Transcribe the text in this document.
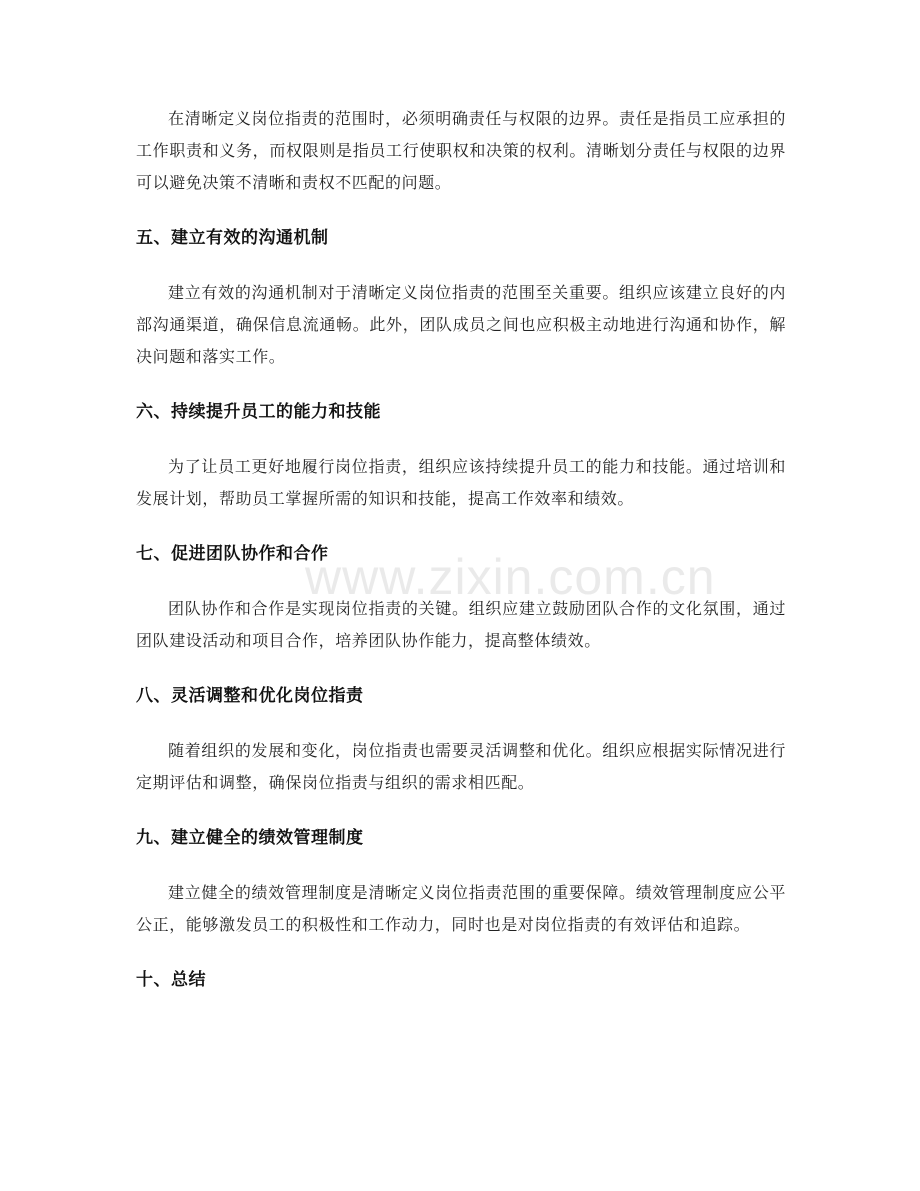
www.zixin.com.cn

在清晰定义岗位指责的范围时，必须明确责任与权限的边界。责任是指员工应承担的工作职责和义务，而权限则是指员工行使职权和决策的权利。清晰划分责任与权限的边界可以避免决策不清晰和责权不匹配的问题。

五、建立有效的沟通机制

建立有效的沟通机制对于清晰定义岗位指责的范围至关重要。组织应该建立良好的内部沟通渠道，确保信息流通畅。此外，团队成员之间也应积极主动地进行沟通和协作，解决问题和落实工作。

六、持续提升员工的能力和技能

为了让员工更好地履行岗位指责，组织应该持续提升员工的能力和技能。通过培训和发展计划，帮助员工掌握所需的知识和技能，提高工作效率和绩效。

七、促进团队协作和合作

团队协作和合作是实现岗位指责的关键。组织应建立鼓励团队合作的文化氛围，通过团队建设活动和项目合作，培养团队协作能力，提高整体绩效。

八、灵活调整和优化岗位指责

随着组织的发展和变化，岗位指责也需要灵活调整和优化。组织应根据实际情况进行定期评估和调整，确保岗位指责与组织的需求相匹配。

九、建立健全的绩效管理制度

建立健全的绩效管理制度是清晰定义岗位指责范围的重要保障。绩效管理制度应公平公正，能够激发员工的积极性和工作动力，同时也是对岗位指责的有效评估和追踪。

十、总结
